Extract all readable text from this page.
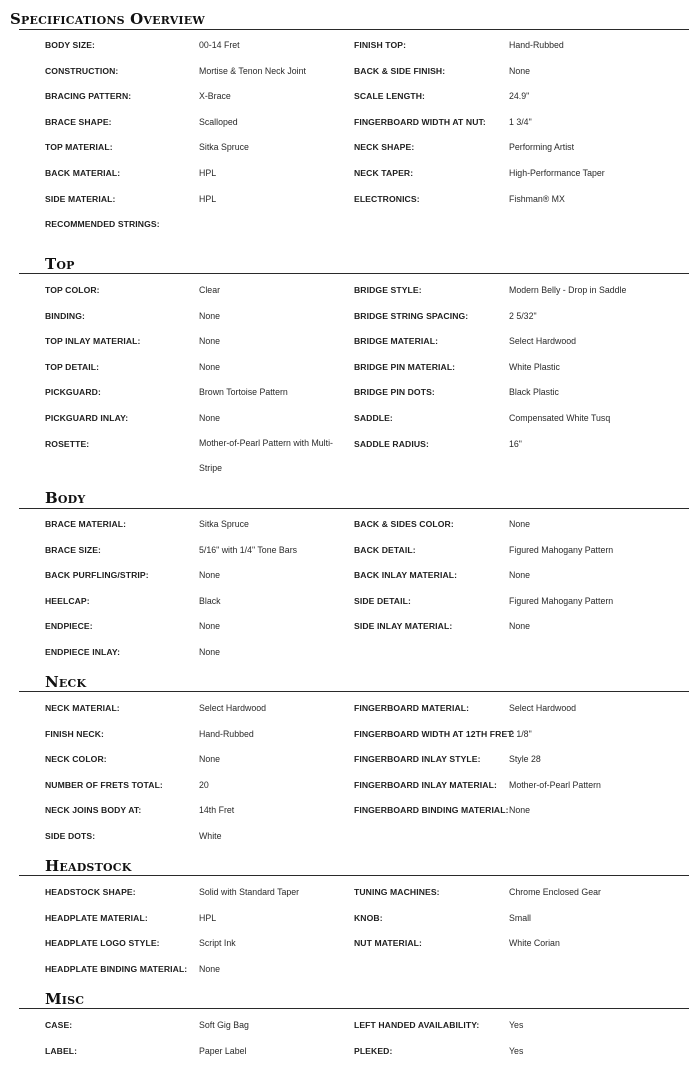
Specifications Overview
BODY SIZE:	00-14 Fret	FINISH TOP:	Hand-Rubbed
CONSTRUCTION:	Mortise & Tenon Neck Joint	BACK & SIDE FINISH:	None
BRACING PATTERN:	X-Brace	SCALE LENGTH:	24.9"
BRACE SHAPE:	Scalloped	FINGERBOARD WIDTH AT NUT:	1 3/4"
TOP MATERIAL:	Sitka Spruce	NECK SHAPE:	Performing Artist
BACK MATERIAL:	HPL	NECK TAPER:	High-Performance Taper
SIDE MATERIAL:	HPL	ELECTRONICS:	Fishman® MX
RECOMMENDED STRINGS:
Top
TOP COLOR:	Clear	BRIDGE STYLE:	Modern Belly - Drop in Saddle
BINDING:	None	BRIDGE STRING SPACING:	2 5/32"
TOP INLAY MATERIAL:	None	BRIDGE MATERIAL:	Select Hardwood
TOP DETAIL:	None	BRIDGE PIN MATERIAL:	White Plastic
PICKGUARD:	Brown Tortoise Pattern	BRIDGE PIN DOTS:	Black Plastic
PICKGUARD INLAY:	None	SADDLE:	Compensated White Tusq
ROSETTE:	Mother-of-Pearl Pattern with Multi-Stripe
SADDLE RADIUS:	16"
Body
BRACE MATERIAL:	Sitka Spruce	BACK & SIDES COLOR:	None
BRACE SIZE:	5/16" with 1/4" Tone Bars	BACK DETAIL:	Figured Mahogany Pattern
BACK PURFLING/STRIP:	None	BACK INLAY MATERIAL:	None
HEELCAP:	Black	SIDE DETAIL:	Figured Mahogany Pattern
ENDPIECE:	None	SIDE INLAY MATERIAL:	None
ENDPIECE INLAY:	None
Neck
NECK MATERIAL:	Select Hardwood	FINGERBOARD MATERIAL:	Select Hardwood
FINISH NECK:	Hand-Rubbed	FINGERBOARD WIDTH AT 12TH FRET:
2 1/8"
NECK COLOR:	None	FINGERBOARD INLAY STYLE:	Style 28
NUMBER OF FRETS TOTAL:	20	FINGERBOARD INLAY MATERIAL: Mother-of-Pearl Pattern
NECK JOINS BODY AT:	14th Fret	FINGERBOARD BINDING MATERIAL: None
SIDE DOTS:	White
Headstock
HEADSTOCK SHAPE:	Solid with Standard Taper	TUNING MACHINES:	Chrome Enclosed Gear
HEADPLATE MATERIAL:	HPL	KNOB:	Small
HEADPLATE LOGO STYLE:	Script Ink	NUT MATERIAL:	White Corian
HEADPLATE BINDING MATERIAL: None
Misc
CASE:	Soft Gig Bag	LEFT HANDED AVAILABILITY:	Yes
LABEL:	Paper Label	PLEKED:	Yes
